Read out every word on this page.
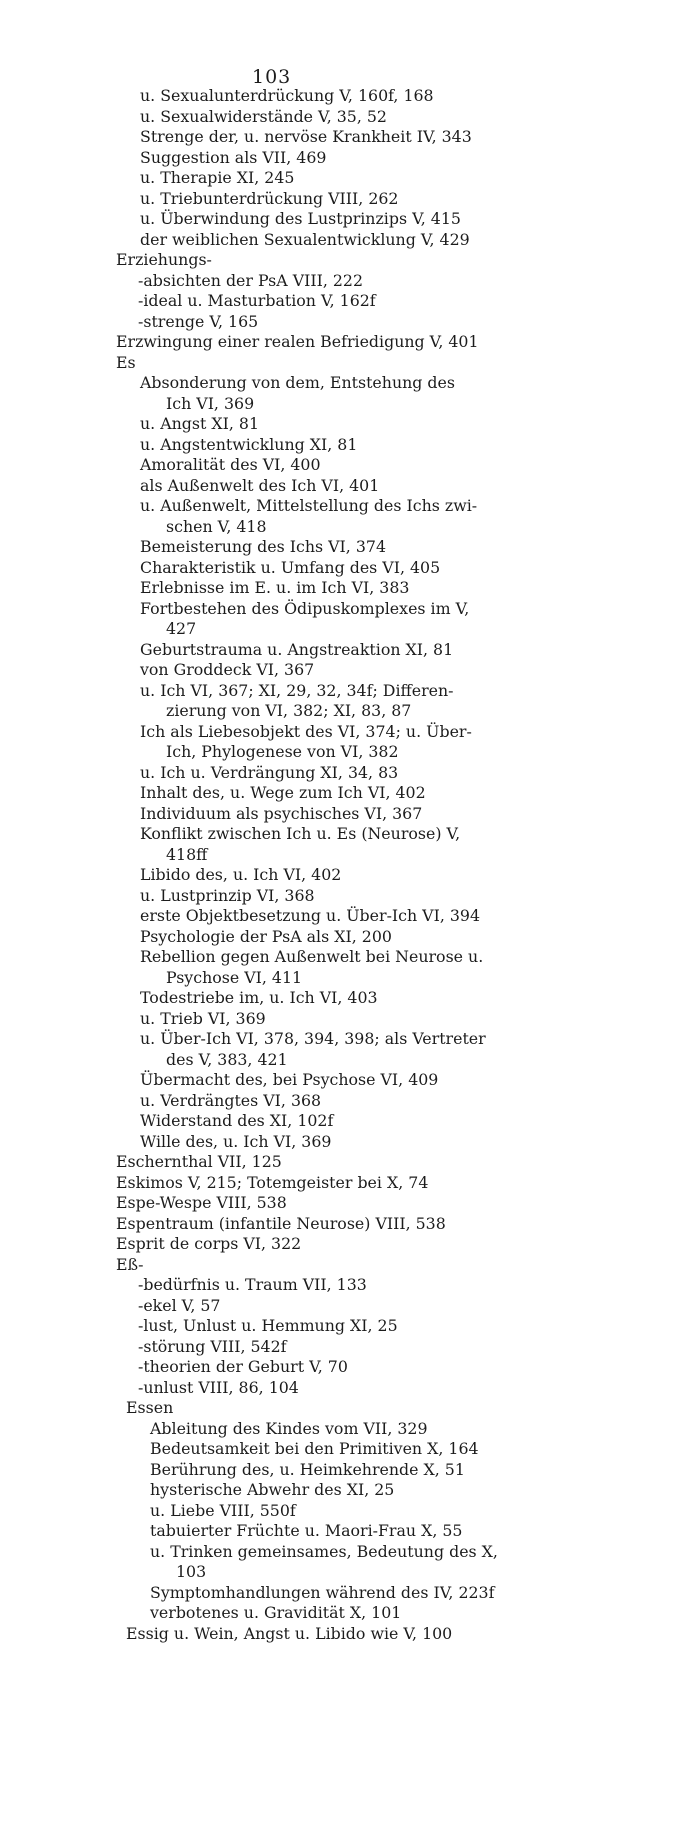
103
u. Sexualunterdrückung V, 160f, 168
u. Sexualwiderstände V, 35, 52
Strenge der, u. nervöse Krankheit IV, 343
Suggestion als VII, 469
u. Therapie XI, 245
u. Triebunterdrückung VIII, 262
u. Überwindung des Lustprinzips V, 415
der weiblichen Sexualentwicklung V, 429
Erziehungs-
-absichten der PsA VIII, 222
-ideal u. Masturbation V, 162f
-strenge V, 165
Erzwingung einer realen Befriedigung V, 401
Es
Absonderung von dem, Entstehung des
Ich VI, 369
u. Angst XI, 81
u. Angstentwicklung XI, 81
Amoralität des VI, 400
als Außenwelt des Ich VI, 401
u. Außenwelt, Mittelstellung des Ichs zwi-
schen V, 418
Bemeisterung des Ichs VI, 374
Charakteristik u. Umfang des VI, 405
Erlebnisse im E. u. im Ich VI, 383
Fortbestehen des Ödipuskomplexes im V,
427
Geburtstrauma u. Angstreaktion XI, 81
von Groddeck VI, 367
u. Ich VI, 367; XI, 29, 32, 34f; Differen-
zierung von VI, 382; XI, 83, 87
Ich als Liebesobjekt des VI, 374; u. Über-
Ich, Phylogenese von VI, 382
u. Ich u. Verdrängung XI, 34, 83
Inhalt des, u. Wege zum Ich VI, 402
Individuum als psychisches VI, 367
Konflikt zwischen Ich u. Es (Neurose) V,
418ff
Libido des, u. Ich VI, 402
u. Lustprinzip VI, 368
erste Objektbesetzung u. Über-Ich VI, 394
Psychologie der PsA als XI, 200
Rebellion gegen Außenwelt bei Neurose u.
Psychose VI, 411
Todestriebe im, u. Ich VI, 403
u. Trieb VI, 369
u. Über-Ich VI, 378, 394, 398; als Vertreter
des V, 383, 421
Übermacht des, bei Psychose VI, 409
u. Verdrängtes VI, 368
Widerstand des XI, 102f
Wille des, u. Ich VI, 369
Eschernthal VII, 125
Eskimos V, 215; Totemgeister bei X, 74
Espe-Wespe VIII, 538
Espentraum (infantile Neurose) VIII, 538
Esprit de corps VI, 322
Eß-
-bedürfnis u. Traum VII, 133
-ekel V, 57
-lust, Unlust u. Hemmung XI, 25
-störung VIII, 542f
-theorien der Geburt V, 70
-unlust VIII, 86, 104
Essen
Ableitung des Kindes vom VII, 329
Bedeutsamkeit bei den Primitiven X, 164
Berührung des, u. Heimkehrende X, 51
hysterische Abwehr des XI, 25
u. Liebe VIII, 550f
tabuierter Früchte u. Maori-Frau X, 55
u. Trinken gemeinsames, Bedeutung des X,
103
Symptomhandlungen während des IV, 223f
verbotenes u. Gravidität X, 101
Essig u. Wein, Angst u. Libido wie V, 100
